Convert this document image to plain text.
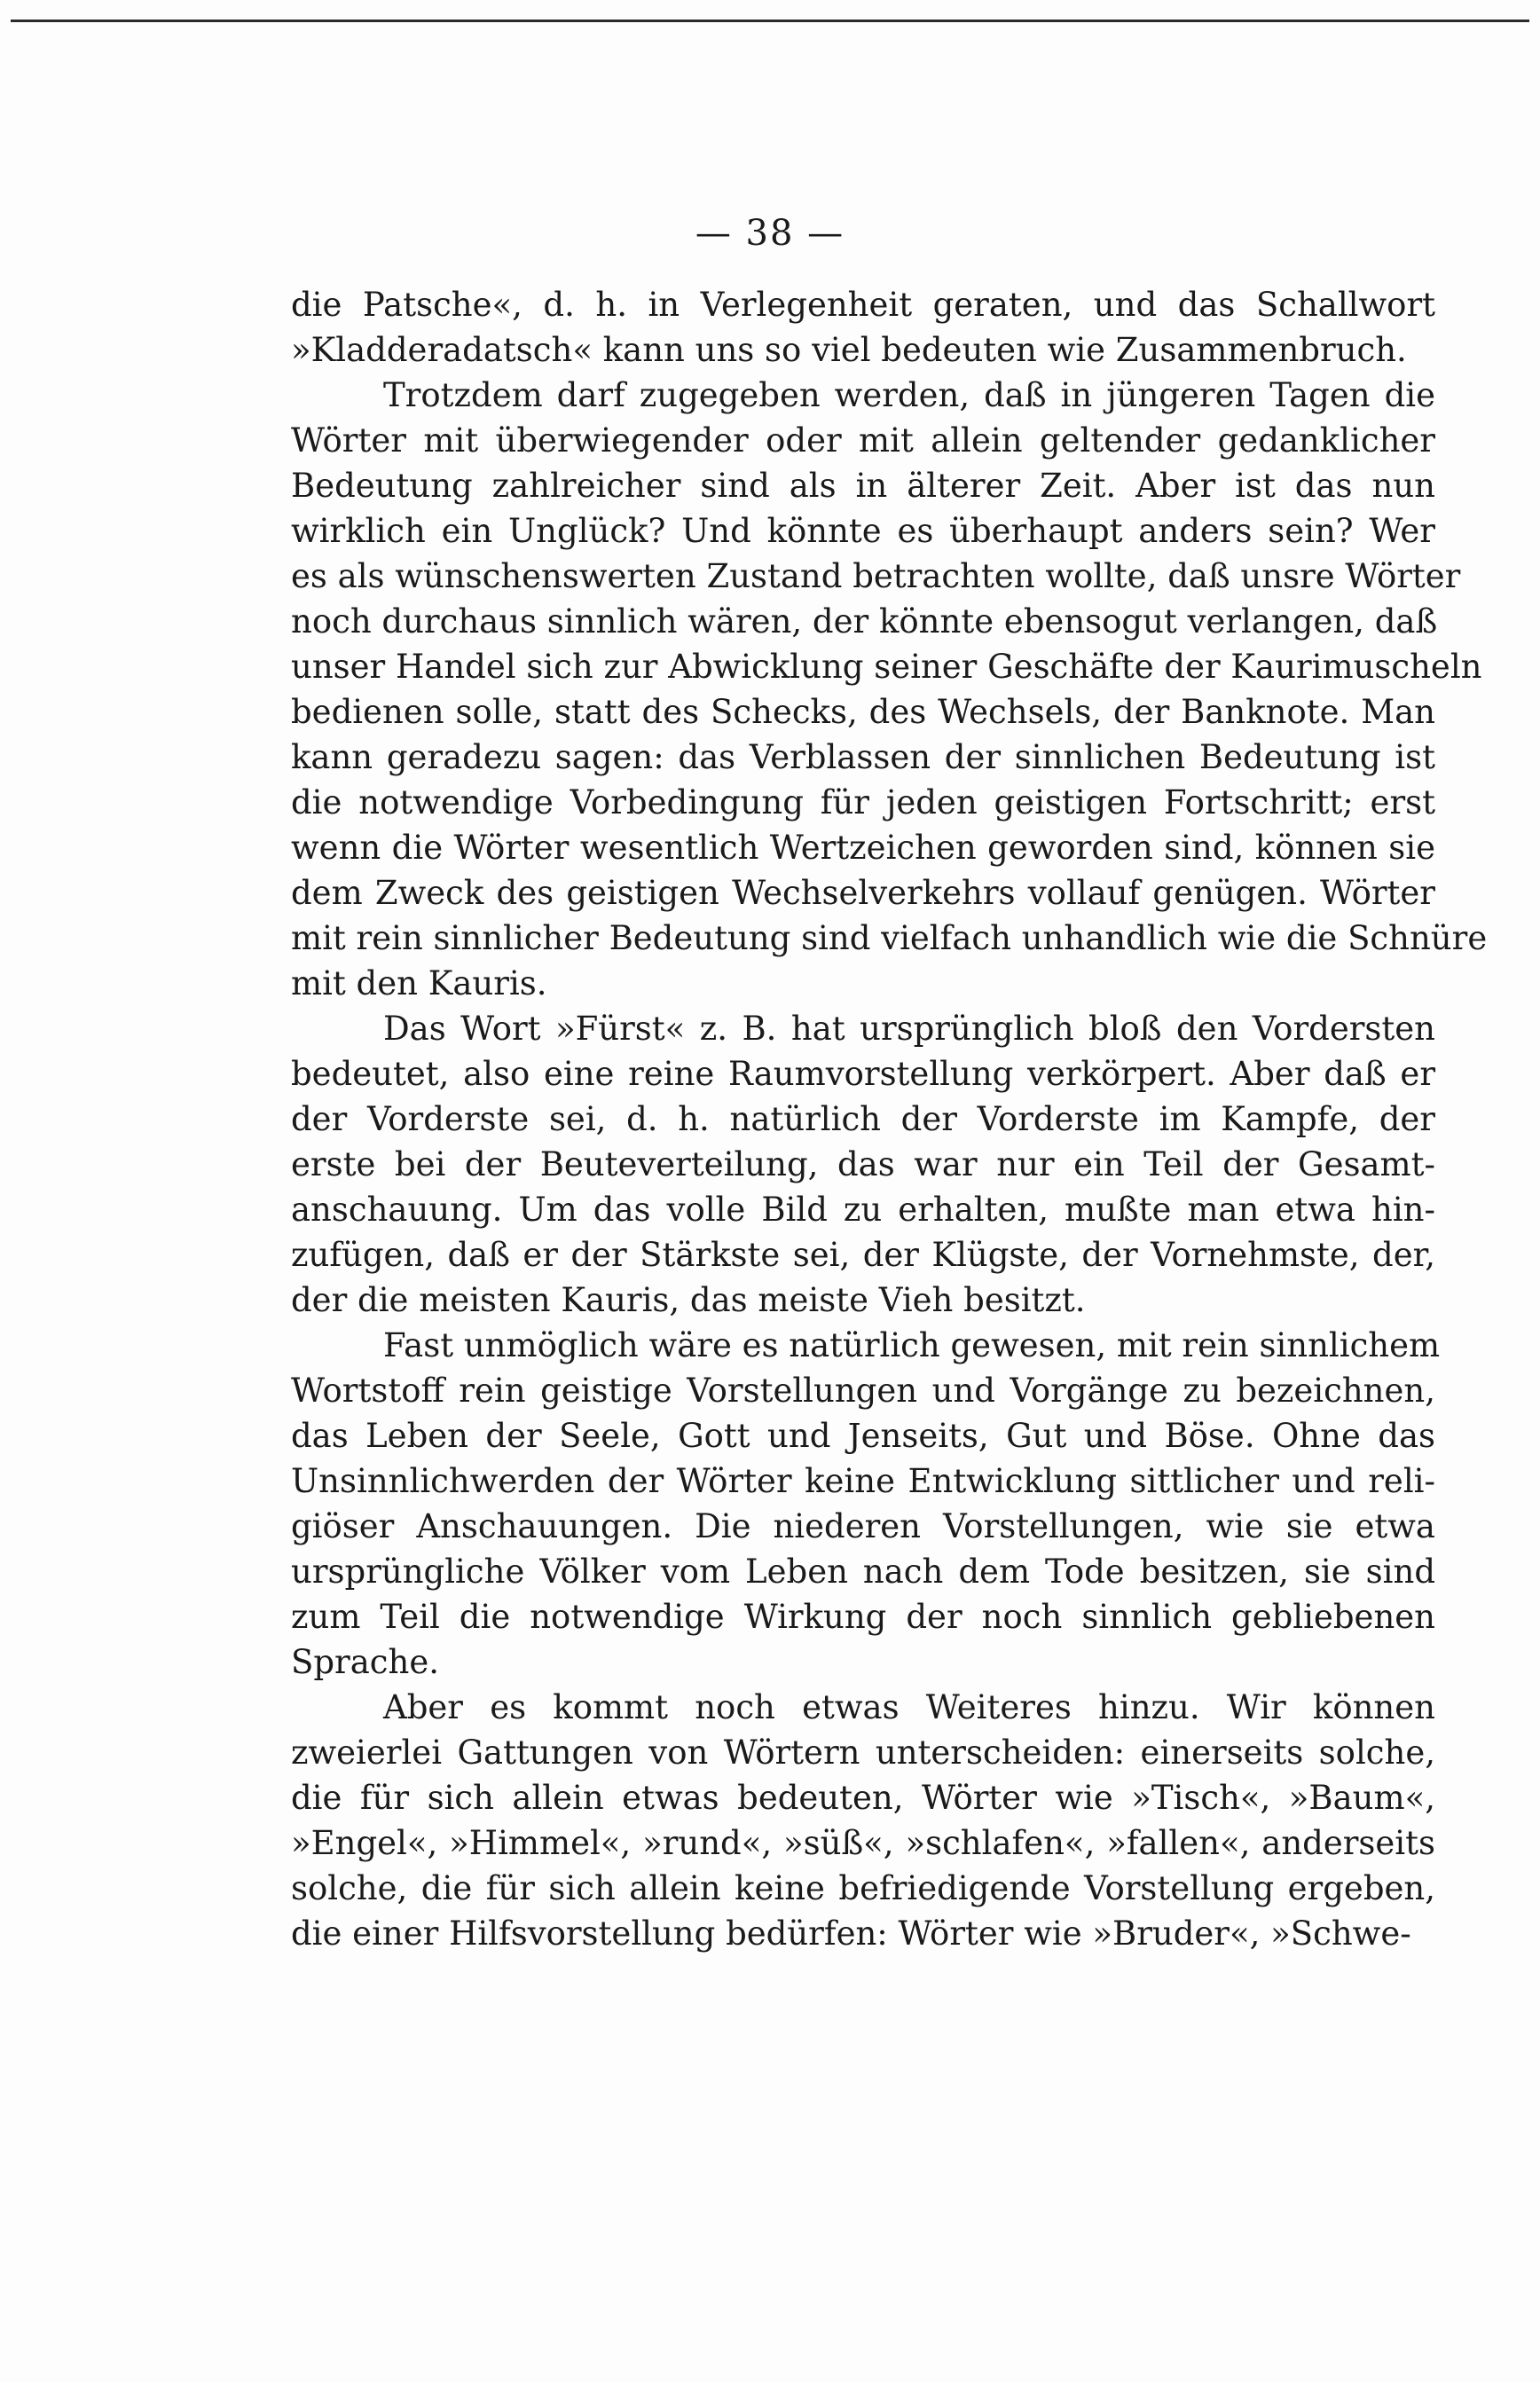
— 38 —

die Patsche«, d. h. in Verlegenheit geraten, und das Schallwort
»Kladderadatsch« kann uns so viel bedeuten wie Zusammenbruch.

Trotzdem darf zugegeben werden, daß in jüngeren Tagen die
Wörter mit überwiegender oder mit allein geltender gedanklicher
Bedeutung zahlreicher sind als in älterer Zeit. Aber ist das nun
wirklich ein Unglück? Und könnte es überhaupt anders sein? Wer
es als wünschenswerten Zustand betrachten wollte, daß unsre Wörter
noch durchaus sinnlich wären, der könnte ebensogut verlangen, daß
unser Handel sich zur Abwicklung seiner Geschäfte der Kaurimuscheln
bedienen solle, statt des Schecks, des Wechsels, der Banknote. Man
kann geradezu sagen: das Verblassen der sinnlichen Bedeutung ist
die notwendige Vorbedingung für jeden geistigen Fortschritt; erst
wenn die Wörter wesentlich Wertzeichen geworden sind, können sie
dem Zweck des geistigen Wechselverkehrs vollauf genügen. Wörter
mit rein sinnlicher Bedeutung sind vielfach unhandlich wie die Schnüre
mit den Kauris.

Das Wort »Fürst« z. B. hat ursprünglich bloß den Vordersten
bedeutet, also eine reine Raumvorstellung verkörpert. Aber daß er
der Vorderste sei, d. h. natürlich der Vorderste im Kampfe, der
erste bei der Beuteverteilung, das war nur ein Teil der Gesamt-
anschauung. Um das volle Bild zu erhalten, mußte man etwa hin-
zufügen, daß er der Stärkste sei, der Klügste, der Vornehmste, der,
der die meisten Kauris, das meiste Vieh besitzt.

Fast unmöglich wäre es natürlich gewesen, mit rein sinnlichem
Wortstoff rein geistige Vorstellungen und Vorgänge zu bezeichnen,
das Leben der Seele, Gott und Jenseits, Gut und Böse. Ohne das
Unsinnlichwerden der Wörter keine Entwicklung sittlicher und reli-
giöser Anschauungen. Die niederen Vorstellungen, wie sie etwa
ursprüngliche Völker vom Leben nach dem Tode besitzen, sie sind
zum Teil die notwendige Wirkung der noch sinnlich gebliebenen
Sprache.

Aber es kommt noch etwas Weiteres hinzu. Wir können
zweierlei Gattungen von Wörtern unterscheiden: einerseits solche,
die für sich allein etwas bedeuten, Wörter wie »Tisch«, »Baum«,
»Engel«, »Himmel«, »rund«, »süß«, »schlafen«, »fallen«, anderseits
solche, die für sich allein keine befriedigende Vorstellung ergeben,
die einer Hilfsvorstellung bedürfen: Wörter wie »Bruder«, »Schwe-
